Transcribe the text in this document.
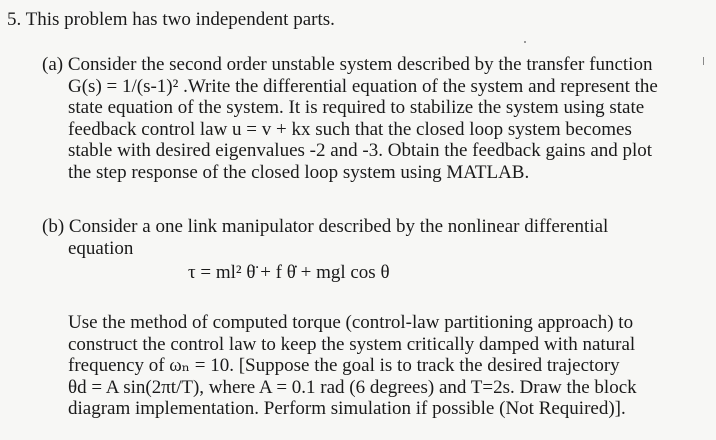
5. This problem has two independent parts.
(a) Consider the second order unstable system described by the transfer function
G(s) = 1/(s-1)² .Write the differential equation of the system and represent the
state equation of the system. It is required to stabilize the system using state
feedback control law u = v + kx such that the closed loop system becomes
stable with desired eigenvalues -2 and -3. Obtain the feedback gains and plot
the step response of the closed loop system using MATLAB.
(b) Consider a one link manipulator described by the nonlinear differential
equation
τ = ml² θ̈ + f θ̇ + mgl cos θ
Use the method of computed torque (control-law partitioning approach) to
construct the control law to keep the system critically damped with natural
frequency of ωₙ = 10. [Suppose the goal is to track the desired trajectory
θd = A sin(2πt/T), where A = 0.1 rad (6 degrees) and T=2s. Draw the block
diagram implementation. Perform simulation if possible (Not Required)].
